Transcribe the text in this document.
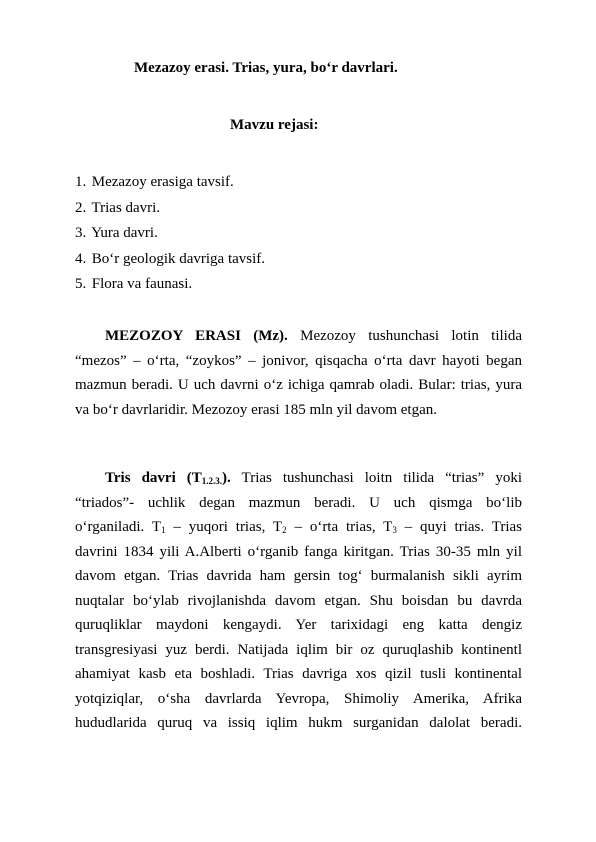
Mezazoy erasi. Trias, yura, bo‘r davrlari.
Mavzu rejasi:
1. Mezazoy erasiga tavsif.
2. Trias davri.
3. Yura davri.
4. Bo‘r geologik davriga tavsif.
5. Flora va faunasi.
MEZOZOY ERASI (Mz). Mezozoy tushunchasi lotin tilida
“mezos” – o‘rta, “zoykos” – jonivor, qisqacha o‘rta davr hayoti began
mazmun beradi. U uch davrni o‘z ichiga qamrab oladi. Bular: trias, yura
va bo‘r davrlaridir. Mezozoy erasi 185 mln yil davom etgan.
Tris davri $(T_{1.2.3.})$. Trias tushunchasi loitn tilida “trias” yoki
“triados”- uchlik degan mazmun beradi. U uch qismga bo‘lib
o‘rganiladi. $T_1$ – yuqori trias, $T_2$ – o‘rta trias, $T_3$ – quyi trias. Trias
davrini 1834 yili A.Alberti o‘rganib fanga kiritgan. Trias 30-35 mln yil
davom etgan. Trias davrida ham gersin tog‘ burmalanish sikli ayrim
nuqtalar bo‘ylab rivojlanishda davom etgan. Shu boisdan bu davrda
quruqliklar maydoni kengaydi. Yer tarixidagi eng katta dengiz
transgresiyasi yuz berdi. Natijada iqlim bir oz quruqlashib kontinentl
ahamiyat kasb eta boshladi. Trias davriga xos qizil tusli kontinental
yotqiziqlar, o‘sha davrlarda Yevropa, Shimoliy Amerika, Afrika
hududlarida quruq va issiq iqlim hukm surganidan dalolat beradi.
